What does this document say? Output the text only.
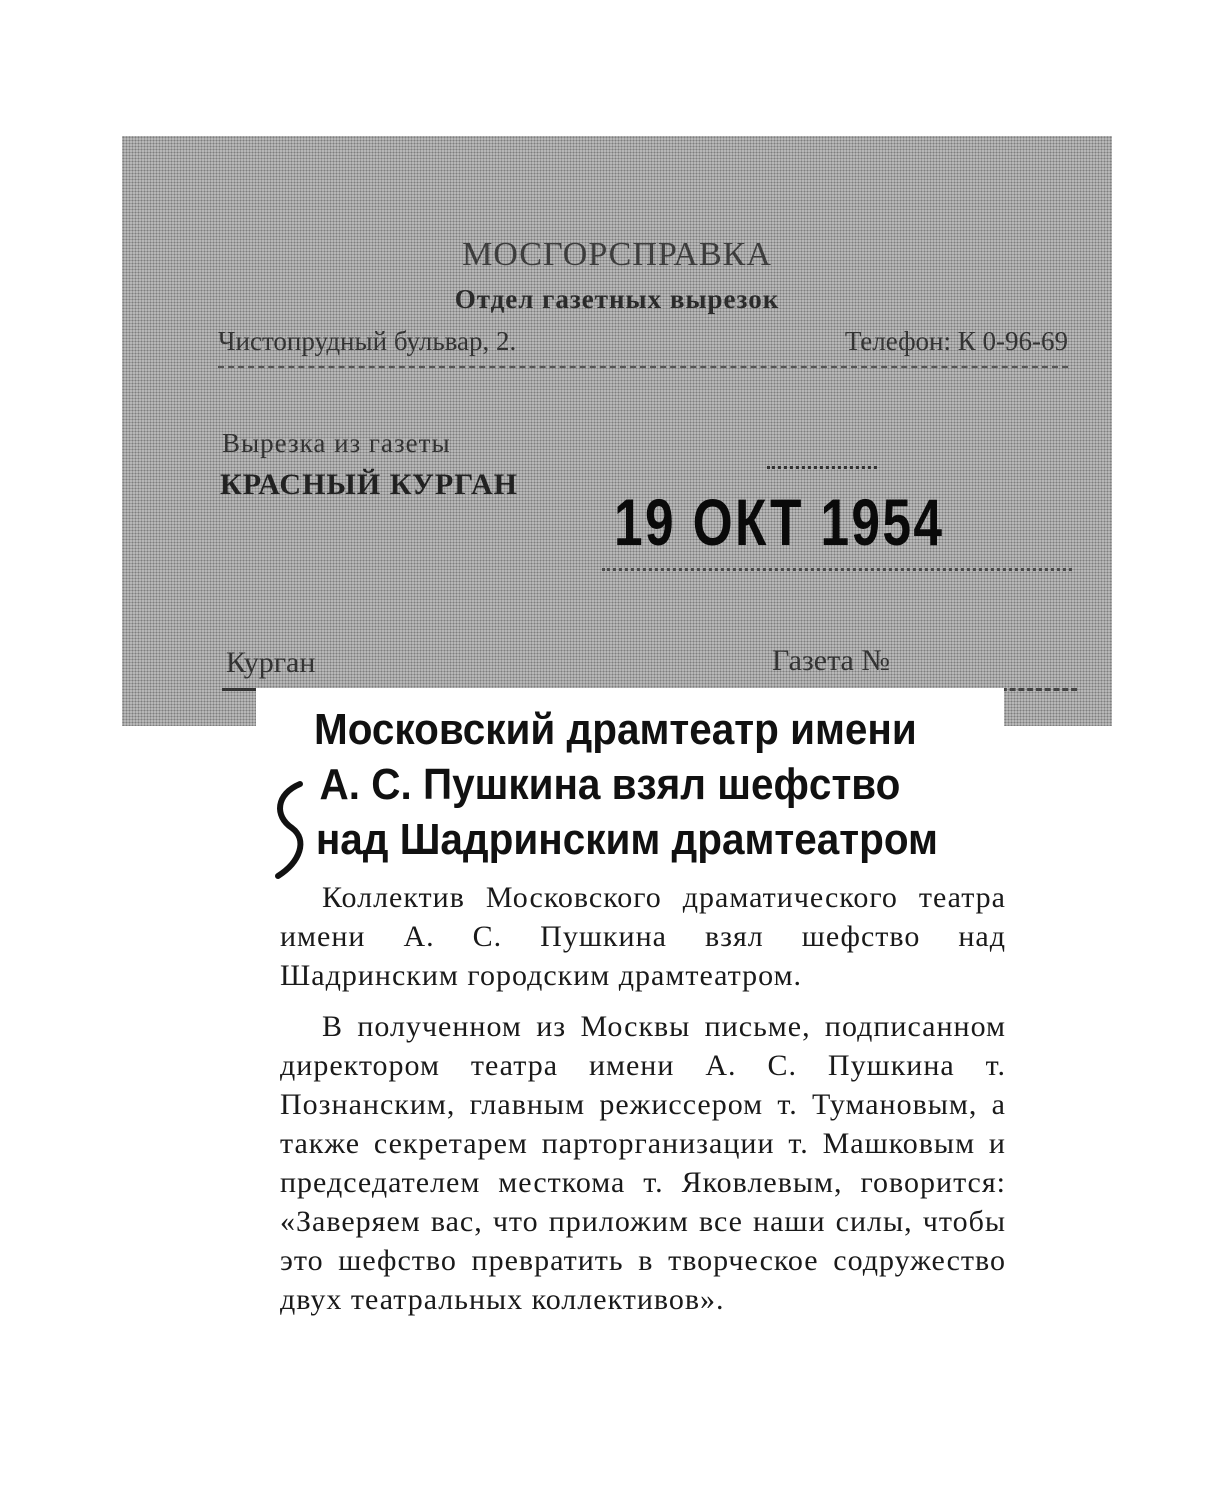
МОСГОРСПРАВКА
Отдел газетных вырезок
Чистопрудный бульвар, 2.	Телефон: К 0-96-69
Вырезка из газеты
КРАСНЫЙ КУРГАН
19 ОКТ 1954
Курган	Газета №
Московский драмтеатр имени
А. С. Пушкина взял шефство
над Шадринским драмтеатром

Коллектив Московского драматического театра имени А. С. Пушкина взял шефство над Шадринским городским драмтеатром.

В полученном из Москвы письме, подписанном директором театра имени А. С. Пушкина т. Познанским, главным режиссером т. Тумановым, а также секретарем парторганизации т. Машковым и председателем месткома т. Яковлевым, говорится: «Заверяем вас, что приложим все наши силы, чтобы это шефство превратить в творческое содружество двух театральных коллективов».
